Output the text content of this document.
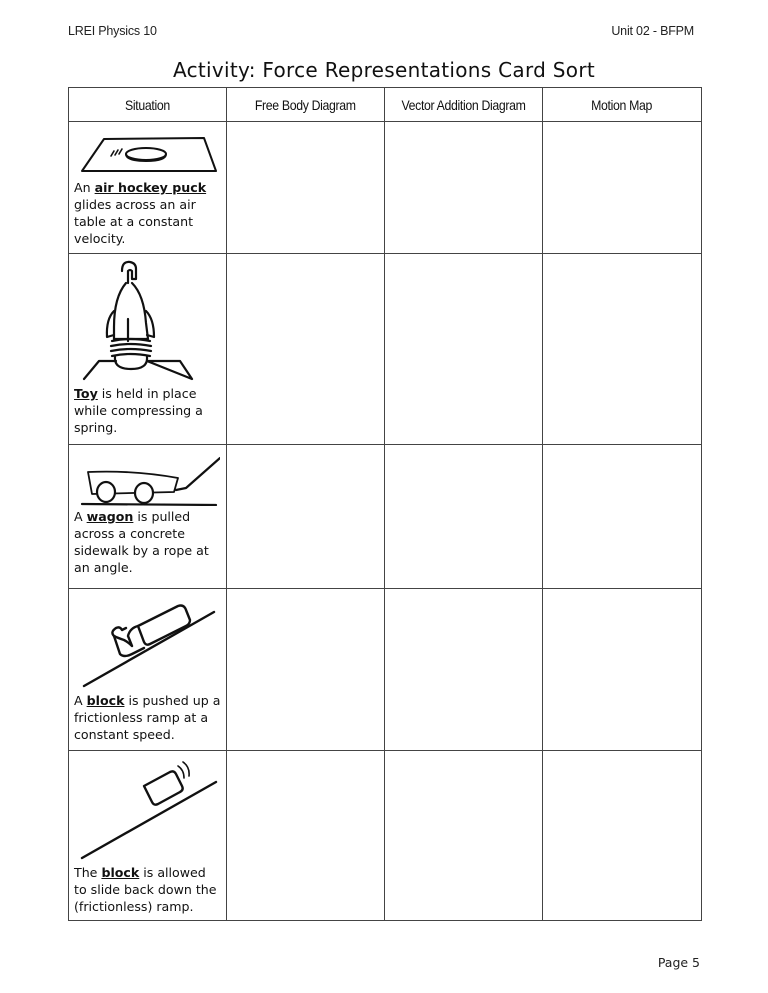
LREI Physics 10	Unit 02 - BFPM
Activity: Force Representations Card Sort
Situation	Free Body Diagram	Vector Addition Diagram	Motion Map

An air hockey puck glides across an air table at a constant velocity.			

Toy is held in place while compressing a spring.			

A wagon is pulled across a concrete sidewalk by a rope at an angle.			

A block is pushed up a frictionless ramp at a constant speed.			

The block is allowed to slide back down the (frictionless) ramp.			

Page 5
